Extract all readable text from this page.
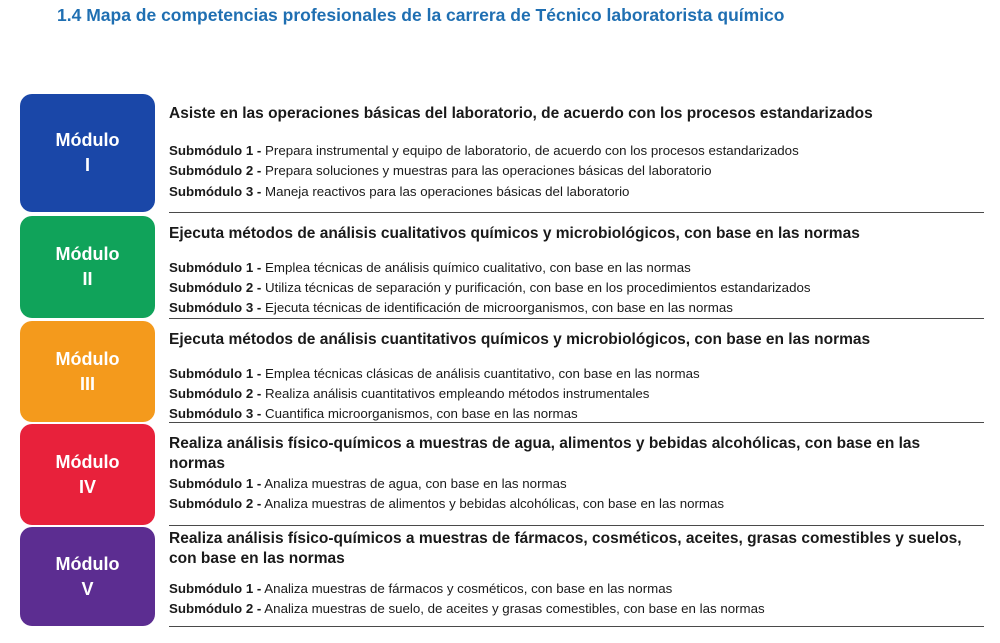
1.4 Mapa de competencias profesionales de la carrera de Técnico laboratorista químico
Módulo
I
Asiste en las operaciones básicas del laboratorio, de acuerdo con los procesos estandarizados
Submódulo 1 - Prepara instrumental y equipo de laboratorio, de acuerdo con los procesos estandarizados
Submódulo 2 - Prepara soluciones y muestras para las operaciones básicas del laboratorio
Submódulo 3 - Maneja reactivos para las operaciones básicas del laboratorio
Módulo
II
Ejecuta métodos de análisis cualitativos químicos y microbiológicos, con base en las normas
Submódulo 1 - Emplea técnicas de análisis químico cualitativo, con base en las normas
Submódulo 2 - Utiliza técnicas de separación y purificación, con base en los procedimientos estandarizados
Submódulo 3 - Ejecuta técnicas de identificación de microorganismos, con base en las normas
Módulo
III
Ejecuta métodos de análisis cuantitativos químicos y microbiológicos, con base en las normas
Submódulo 1 - Emplea técnicas clásicas de análisis cuantitativo, con base en las normas
Submódulo 2 - Realiza análisis cuantitativos empleando métodos instrumentales
Submódulo 3 - Cuantifica microorganismos, con base en las normas
Módulo
IV
Realiza análisis físico-químicos a muestras de agua, alimentos y bebidas alcohólicas, con base en las normas
Submódulo 1 - Analiza muestras de agua, con base en las normas
Submódulo 2 - Analiza muestras de alimentos y bebidas alcohólicas, con base en las normas
Módulo
V
Realiza análisis físico-químicos a muestras de fármacos, cosméticos, aceites, grasas comestibles y suelos, con base en las normas
Submódulo 1 - Analiza muestras de fármacos y cosméticos, con base en las normas
Submódulo 2 - Analiza muestras de suelo, de aceites y grasas comestibles, con base en las normas
